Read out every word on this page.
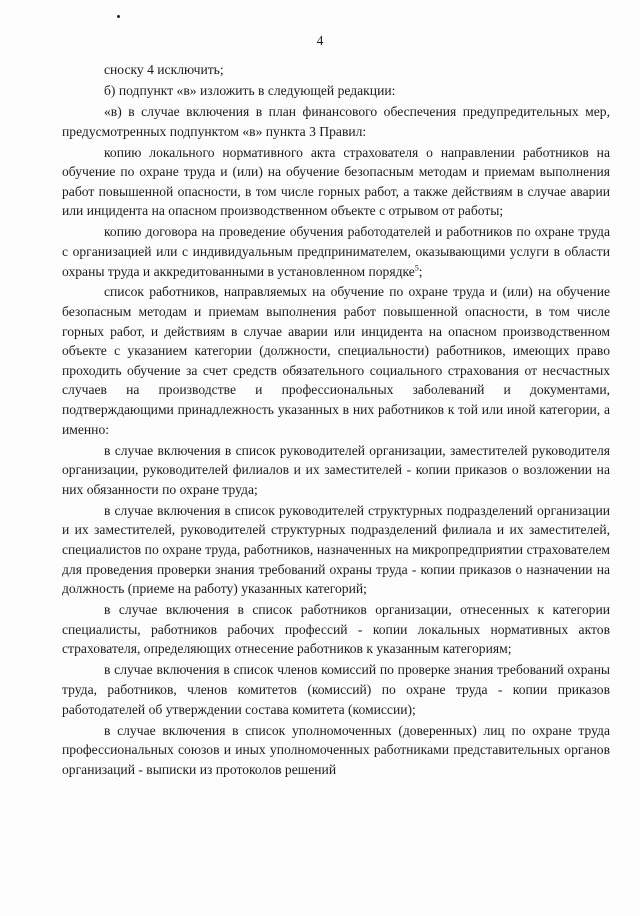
4

сноску 4 исключить;

б) подпункт «в» изложить в следующей редакции:

«в) в случае включения в план финансового обеспечения предупредительных мер, предусмотренных подпунктом «в» пункта 3 Правил:

копию локального нормативного акта страхователя о направлении работников на обучение по охране труда и (или) на обучение безопасным методам и приемам выполнения работ повышенной опасности, в том числе горных работ, а также действиям в случае аварии или инцидента на опасном производственном объекте с отрывом от работы;

копию договора на проведение обучения работодателей и работников по охране труда с организацией или с индивидуальным предпринимателем, оказывающими услуги в области охраны труда и аккредитованными в установленном порядке$^5$;

список работников, направляемых на обучение по охране труда и (или) на обучение безопасным методам и приемам выполнения работ повышенной опасности, в том числе горных работ, и действиям в случае аварии или инцидента на опасном производственном объекте с указанием категории (должности, специальности) работников, имеющих право проходить обучение за счет средств обязательного социального страхования от несчастных случаев на производстве и профессиональных заболеваний и документами, подтверждающими принадлежность указанных в них работников к той или иной категории, а именно:

в случае включения в список руководителей организации, заместителей руководителя организации, руководителей филиалов и их заместителей - копии приказов о возложении на них обязанности по охране труда;

в случае включения в список руководителей структурных подразделений организации и их заместителей, руководителей структурных подразделений филиала и их заместителей, специалистов по охране труда, работников, назначенных на микропредприятии страхователем для проведения проверки знания требований охраны труда - копии приказов о назначении на должность (приеме на работу) указанных категорий;

в случае включения в список работников организации, отнесенных к категории специалисты, работников рабочих профессий - копии локальных нормативных актов страхователя, определяющих отнесение работников к указанным категориям;

в случае включения в список членов комиссий по проверке знания требований охраны труда, работников, членов комитетов (комиссий) по охране труда - копии приказов работодателей об утверждении состава комитета (комиссии);

в случае включения в список уполномоченных (доверенных) лиц по охране труда профессиональных союзов и иных уполномоченных работниками представительных органов организаций - выписки из протоколов решений
